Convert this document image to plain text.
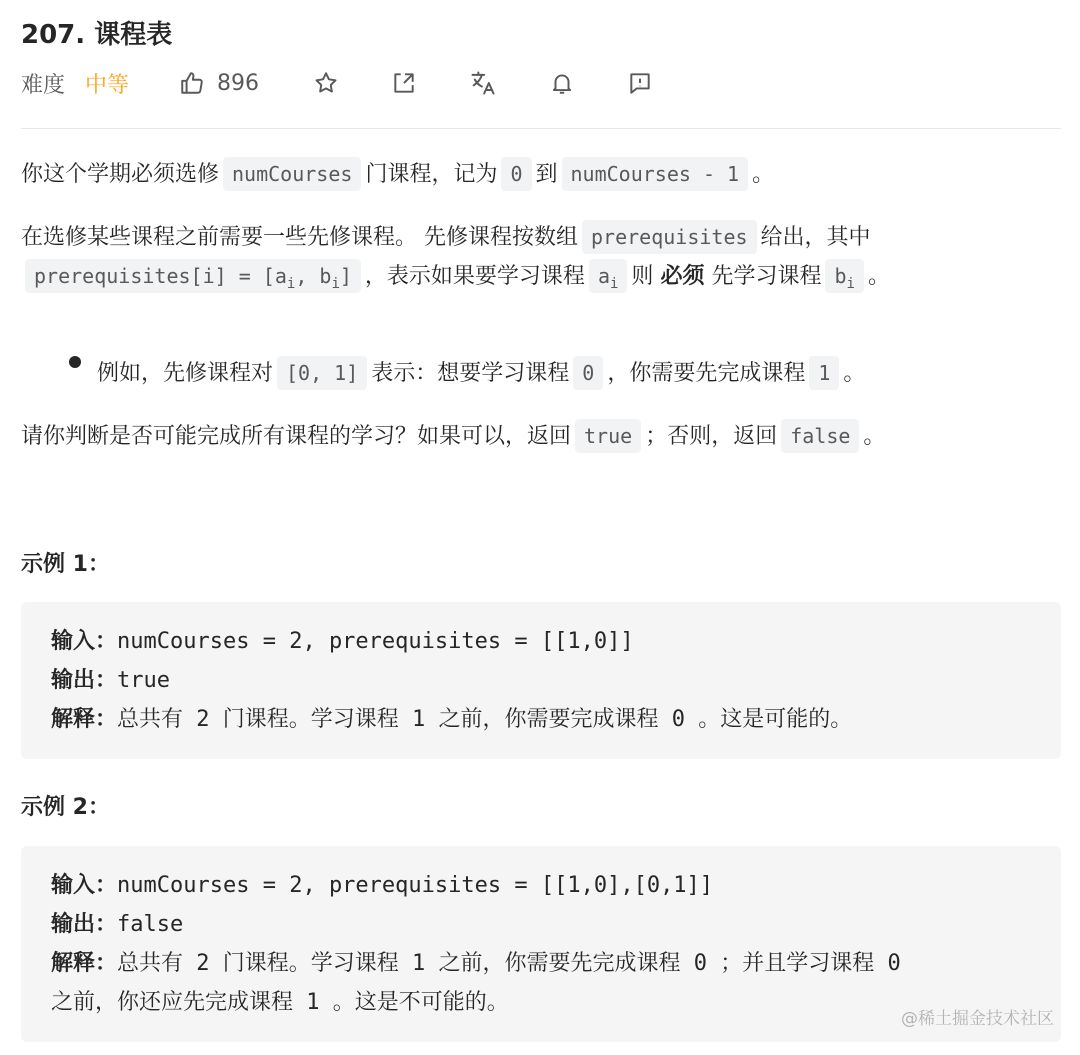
207. 课程表
难度 中等	896
你这个学期必须选修 numCourses 门课程，记为 0 到 numCourses - 1 。
在选修某些课程之前需要一些先修课程。 先修课程按数组 prerequisites 给出，其中prerequisites[i] = [$a_i$, $b_i$] ，表示如果要学习课程 $a_i$ 则 必须 先学习课程 $b_i$ 。
例如，先修课程对 [0, 1] 表示：想要学习课程 0 ，你需要先完成课程 1 。
请你判断是否可能完成所有课程的学习？如果可以，返回 true ；否则，返回 false 。
示例 1：
输入：numCourses = 2, prerequisites = [[1,0]]
输出：true
解释：总共有 2 门课程。学习课程 1 之前，你需要完成课程 0 。这是可能的。
示例 2：
输入：numCourses = 2, prerequisites = [[1,0],[0,1]]
输出：false
解释：总共有 2 门课程。学习课程 1 之前，你需要先完成课程 0 ；并且学习课程 0
之前，你还应先完成课程 1 。这是不可能的。
@稀土掘金技术社区
